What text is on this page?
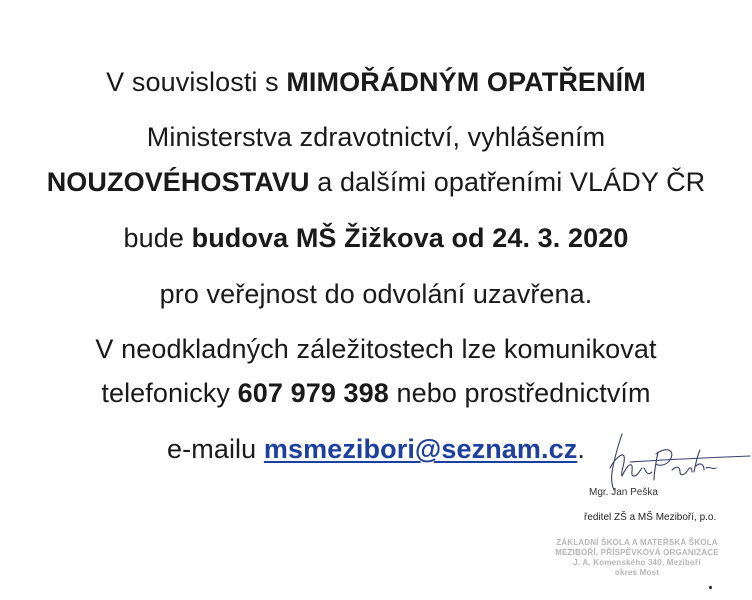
V souvislosti s MIMOŘÁDNÝM OPATŘENÍM
Ministerstva zdravotnictví, vyhlášením
NOUZOVÉHOSTAVU a dalšími opatřeními VLÁDY ČR
bude budova MŠ Žižkova od 24. 3. 2020
pro veřejnost do odvolání uzavřena.
V neodkladných záležitostech lze komunikovat
telefonicky 607 979 398 nebo prostřednictvím
e-mailu msmezibori@seznam.cz.
Mgr. Jan Peška
ředitel ZŠ a MŠ Meziboří, p.o.
ZÁKLADNÍ ŠKOLA A MATEŘSKÁ ŠKOLA
MEZIBOŘÍ, PŘÍSPĚVKOVÁ ORGANIZACE
J. A. Komenského 340, Meziboří
okres Most
